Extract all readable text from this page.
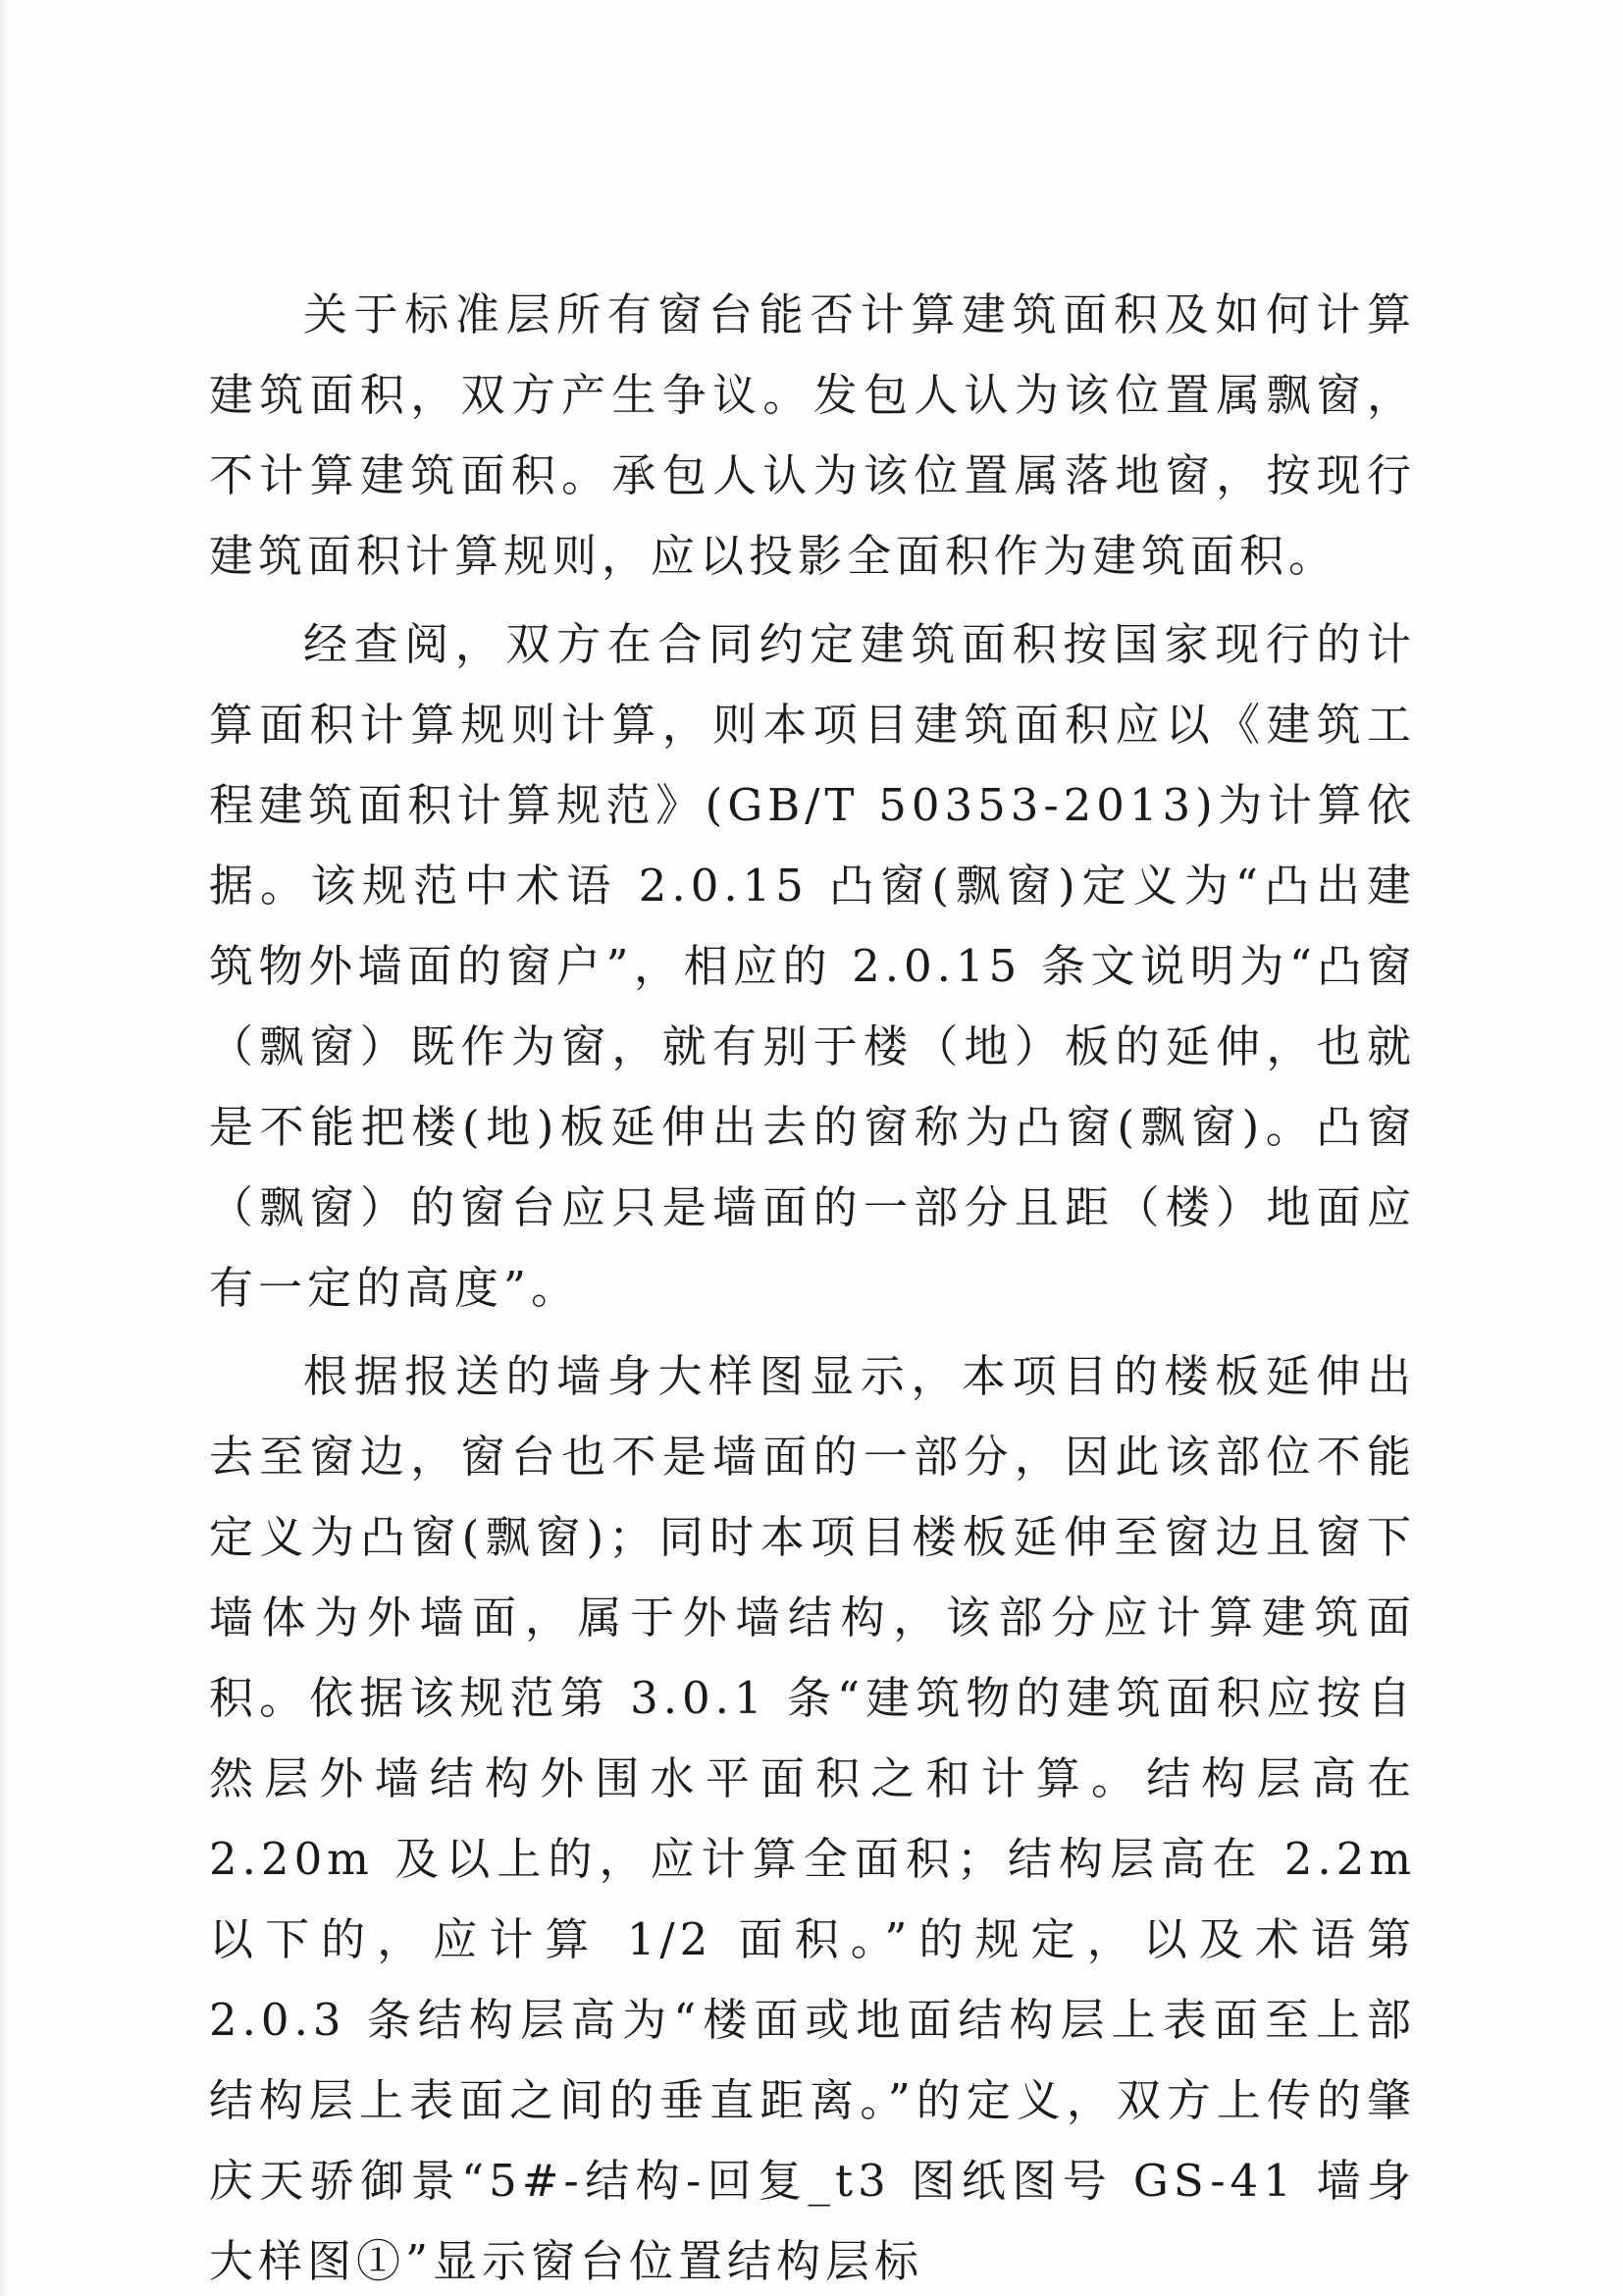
关于标准层所有窗台能否计算建筑面积及如何计算建筑面积，双方产生争议。发包人认为该位置属飘窗，不计算建筑面积。承包人认为该位置属落地窗，按现行建筑面积计算规则，应以投影全面积作为建筑面积。

经查阅，双方在合同约定建筑面积按国家现行的计算面积计算规则计算，则本项目建筑面积应以《建筑工程建筑面积计算规范》(GB/T 50353-2013)为计算依据。该规范中术语 2.0.15 凸窗(飘窗)定义为“凸出建筑物外墙面的窗户”，相应的 2.0.15 条文说明为“凸窗（飘窗）既作为窗，就有别于楼（地）板的延伸，也就是不能把楼(地)板延伸出去的窗称为凸窗(飘窗)。凸窗（飘窗）的窗台应只是墙面的一部分且距（楼）地面应有一定的高度”。

根据报送的墙身大样图显示，本项目的楼板延伸出去至窗边，窗台也不是墙面的一部分，因此该部位不能定义为凸窗(飘窗)；同时本项目楼板延伸至窗边且窗下墙体为外墙面，属于外墙结构，该部分应计算建筑面积。依据该规范第 3.0.1 条“建筑物的建筑面积应按自然层外墙结构外围水平面积之和计算。结构层高在 2.20m 及以上的，应计算全面积；结构层高在 2.2m 以下的，应计算 1/2 面积。”的规定，以及术语第 2.0.3 条结构层高为“楼面或地面结构层上表面至上部结构层上表面之间的垂直距离。”的定义，双方上传的肇庆天骄御景“5#-结构-回复_t3 图纸图号 GS-41 墙身大样图①”显示窗台位置结构层标
